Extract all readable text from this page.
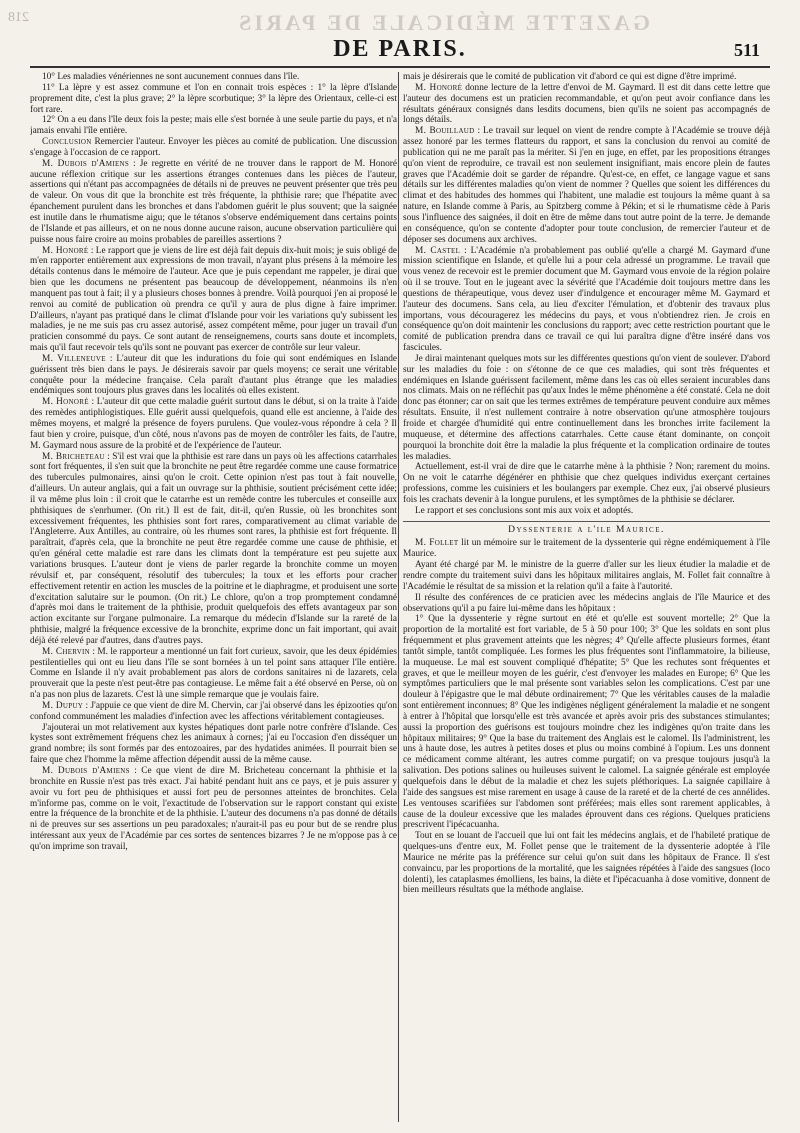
218	GAZETTE MÉDICALE DE PARIS
DE PARIS.	511

10° Les maladies vénériennes ne sont aucunement connues dans l'île.

11° La lèpre y est assez commune et l'on en connait trois espèces : 1° la lèpre d'Islande proprement dite, c'est la plus grave; 2° la lèpre scorbutique; 3° la lèpre des Orientaux, celle-ci est fort rare.

12° On a eu dans l'île deux fois la peste; mais elle s'est bornée à une seule partie du pays, et n'a jamais envahi l'île entière.

Conclusion Remercier l'auteur. Envoyer les pièces au comité de publication. Une discussion s'engage à l'occasion de ce rapport.

M. Dubois d'Amiens : Je regrette en vérité de ne trouver dans le rapport de M. Honoré aucune réflexion critique sur les assertions étranges contenues dans les pièces de l'auteur, assertions qui n'étant pas accompagnées de détails ni de preuves ne peuvent présenter que très peu de valeur. On vous dit que la bronchite est très fréquente, la phthisie rare; que l'hépatite avec épanchement purulent dans les bronches et dans l'abdomen guérit le plus souvent; que la saignée est inutile dans le rhumatisme aigu; que le tétanos s'observe endémiquement dans certains points de l'Islande et pas ailleurs, et on ne nous donne aucune raison, aucune observation particulière qui puisse nous faire croire au moins probables de pareilles assertions ?

M. Honoré : Le rapport que je viens de lire est déjà fait depuis dix-huit mois; je suis obligé de m'en rapporter entièrement aux expressions de mon travail, n'ayant plus présens à la mémoire les détails contenus dans le mémoire de l'auteur. Ace que je puis cependant me rappeler, je dirai que bien que les documens ne présentent pas beaucoup de développement, néanmoins ils n'en manquent pas tout à fait; il y a plusieurs choses bonnes à prendre. Voilà pourquoi j'en ai proposé le renvoi au comité de publication où prendra ce qu'il y aura de plus digne à faire imprimer. D'ailleurs, n'ayant pas pratiqué dans le climat d'Islande pour voir les variations qu'y subissent les maladies, je ne me suis pas cru assez autorisé, assez compétent même, pour juger un travail d'un praticien consommé du pays. Ce sont autant de renseignemens, courts sans doute et incomplets, mais qu'il faut recevoir tels qu'ils sont ne pouvant pas exercer de contrôle sur leur valeur.

M. Villeneuve : L'auteur dit que les indurations du foie qui sont endémiques en Islande guérissent très bien dans le pays. Je désirerais savoir par quels moyens; ce serait une véritable conquête pour la médecine française. Cela paraît d'autant plus étrange que les maladies endémiques sont toujours plus graves dans les localités où elles existent.

M. Honoré : L'auteur dit que cette maladie guérit surtout dans le début, si on la traite à l'aide des remèdes antiphlogistiques. Elle guérit aussi quelquefois, quand elle est ancienne, à l'aide des mêmes moyens, et malgré la présence de foyers purulens. Que voulez-vous répondre à cela ? Il faut bien y croire, puisque, d'un côté, nous n'avons pas de moyen de contrôler les faits, de l'autre, M. Gaymard nous assure de la probité et de l'expérience de l'auteur.

M. Bricheteau : S'il est vrai que la phthisie est rare dans un pays où les affections catarrhales sont fort fréquentes, il s'en suit que la bronchite ne peut être regardée comme une cause formatrice des tubercules pulmonaires, ainsi qu'on le croit. Cette opinion n'est pas tout à fait nouvelle, d'ailleurs. Un auteur anglais, qui a fait un ouvrage sur la phthisie, soutient précisément cette idée; il va même plus loin : il croit que le catarrhe est un remède contre les tubercules et conseille aux phthisiques de s'enrhumer. (On rit.) Il est de fait, dit-il, qu'en Russie, où les bronchites sont excessivement fréquentes, les phthisies sont fort rares, comparativement au climat variable de l'Angleterre. Aux Antilles, au contraire, où les rhumes sont rares, la phthisie est fort fréquente. Il paraîtrait, d'après cela, que la bronchite ne peut être regardée comme une cause de phthisie, et qu'en général cette maladie est rare dans les climats dont la température est peu sujette aux variations brusques. L'auteur dont je viens de parler regarde la bronchite comme un moyen révulsif et, par conséquent, résolutif des tubercules; la toux et les efforts pour cracher effectivement retentir en action les muscles de la poitrine et le diaphragme, et produisent une sorte d'excitation salutaire sur le poumon. (On rit.) Le chlore, qu'on a trop promptement condamné d'après moi dans le traitement de la phthisie, produit quelquefois des effets avantageux par son action excitante sur l'organe pulmonaire. La remarque du médecin d'Islande sur la rareté de la phthisie, malgré la fréquence excessive de la bronchite, exprime donc un fait important, qui avait déjà été relevé par d'autres, dans d'autres pays.

M. Chervin : M. le rapporteur a mentionné un fait fort curieux, savoir, que les deux épidémies pestilentielles qui ont eu lieu dans l'île se sont bornées à un tel point sans attaquer l'île entière. Comme en Islande il n'y avait probablement pas alors de cordons sanitaires ni de lazarets, cela prouverait que la peste n'est peut-être pas contagieuse. Le même fait a été observé en Perse, où on n'a pas non plus de lazarets. C'est là une simple remarque que je voulais faire.

M. Dupuy : J'appuie ce que vient de dire M. Chervin, car j'ai observé dans les épizooties qu'on confond communément les maladies d'infection avec les affections véritablement contagieuses.

J'ajouterai un mot relativement aux kystes hépatiques dont parle notre confrère d'Islande. Ces kystes sont extrêmement fréquens chez les animaux à cornes; j'ai eu l'occasion d'en disséquer un grand nombre; ils sont formés par des entozoaires, par des hydatides animées. Il pourrait bien se faire que chez l'homme la même affection dépendit aussi de la même cause.

M. Dubois d'Amiens : Ce que vient de dire M. Bricheteau concernant la phthisie et la bronchite en Russie n'est pas très exact. J'ai habité pendant huit ans ce pays, et je puis assurer y avoir vu fort peu de phthisiques et aussi fort peu de personnes atteintes de bronchites. Cela m'informe pas, comme on le voit, l'exactitude de l'observation sur le rapport constant qui existe entre la fréquence de la bronchite et de la phthisie. L'auteur des documens n'a pas donné de détails ni de preuves sur ses assertions un peu paradoxales; n'aurait-il pas eu pour but de se rendre plus intéressant aux yeux de l'Académie par ces sortes de sentences bizarres ? Je ne m'oppose pas à ce qu'on imprime son travail,

mais je désirerais que le comité de publication vit d'abord ce qui est digne d'être imprimé.

M. Honoré donne lecture de la lettre d'envoi de M. Gaymard. Il est dit dans cette lettre que l'auteur des documens est un praticien recommandable, et qu'on peut avoir confiance dans les résultats généraux consignés dans lesdits documens, bien qu'ils ne soient pas accompagnés de longs détails.

M. Bouillaud : Le travail sur lequel on vient de rendre compte à l'Académie se trouve déjà assez honoré par les termes flatteurs du rapport, et sans la conclusion du renvoi au comité de publication qui ne me paraît pas la mériter. Si j'en en juge, en effet, par les propositions étranges qu'on vient de reproduire, ce travail est non seulement insignifiant, mais encore plein de fautes graves que l'Académie doit se garder de répandre. Qu'est-ce, en effet, ce langage vague et sans détails sur les différentes maladies qu'on vient de nommer ? Quelles que soient les différences du climat et des habitudes des hommes qui l'habitent, une maladie est toujours la même quant à sa nature, en Islande comme à Paris, au Spitzberg comme à Pékin; et si le rhumatisme cède à Paris sous l'influence des saignées, il doit en être de même dans tout autre point de la terre. Je demande en conséquence, qu'on se contente d'adopter pour toute conclusion, de remercier l'auteur et de déposer ses documens aux archives.

M. Castel : L'Académie n'a probablement pas oublié qu'elle a chargé M. Gaymard d'une mission scientifique en Islande, et qu'elle lui a pour cela adressé un programme. Le travail que vous venez de recevoir est le premier document que M. Gaymard vous envoie de la région polaire où il se trouve. Tout en le jugeant avec la sévérité que l'Académie doit toujours mettre dans les questions de thérapeutique, vous devez user d'indulgence et encourager même M. Gaymard et l'auteur des documens. Sans cela, au lieu d'exciter l'émulation, et d'obtenir des travaux plus importans, vous découragerez les médecins du pays, et vous n'obtiendrez rien. Je crois en conséquence qu'on doit maintenir les conclusions du rapport; avec cette restriction pourtant que le comité de publication prendra dans ce travail ce qui lui paraîtra digne d'être inséré dans vos fascicules.

Je dirai maintenant quelques mots sur les différentes questions qu'on vient de soulever. D'abord sur les maladies du foie : on s'étonne de ce que ces maladies, qui sont très fréquentes et endémiques en Islande guérissent facilement, même dans les cas où elles seraient incurables dans nos climats. Mais on ne réfléchit pas qu'aux Indes le même phénomène a été constaté. Cela ne doit donc pas étonner; car on sait que les termes extrêmes de température peuvent conduire aux mêmes résultats. Ensuite, il n'est nullement contraire à notre observation qu'une atmosphère toujours froide et chargée d'humidité qui entre continuellement dans les bronches irrite facilement la muqueuse, et détermine des affections catarrhales. Cette cause étant dominante, on conçoit pourquoi la bronchite doit être la maladie la plus fréquente et la complication ordinaire de toutes les maladies.

Actuellement, est-il vrai de dire que le catarrhe mène à la phthisie ? Non; rarement du moins. On ne voit le catarrhe dégénérer en phthisie que chez quelques individus exerçant certaines professions, comme les cuisiniers et les boulangers par exemple. Chez eux, j'ai observé plusieurs fois les crachats devenir à la longue purulens, et les symptômes de la phthisie se déclarer.

Le rapport et ses conclusions sont mis aux voix et adoptés.

Dyssenterie a l'ile Maurice.

M. Follet lit un mémoire sur le traitement de la dyssenterie qui règne endémiquement à l'île Maurice.

Ayant été chargé par M. le ministre de la guerre d'aller sur les lieux étudier la maladie et de rendre compte du traitement suivi dans les hôpitaux militaires anglais, M. Follet fait connaître à l'Académie le résultat de sa mission et la relation qu'il a faite à l'autorité.

Il résulte des conférences de ce praticien avec les médecins anglais de l'île Maurice et des observations qu'il a pu faire lui-même dans les hôpitaux :

1° Que la dyssenterie y règne surtout en été et qu'elle est souvent mortelle; 2° Que la proportion de la mortalité est fort variable, de 5 à 50 pour 100; 3° Que les soldats en sont plus fréquemment et plus gravement atteints que les nègres; 4° Qu'elle affecte plusieurs formes, étant tantôt simple, tantôt compliquée. Les formes les plus fréquentes sont l'inflammatoire, la bilieuse, la muqueuse. Le mal est souvent compliqué d'hépatite; 5° Que les rechutes sont fréquentes et graves, et que le meilleur moyen de les guérir, c'est d'envoyer les malades en Europe; 6° Que les symptômes particuliers que le mal présente sont variables selon les complications. C'est par une douleur à l'épigastre que le mal débute ordinairement; 7° Que les véritables causes de la maladie sont entièrement inconnues; 8° Que les indigènes négligent généralement la maladie et ne songent à entrer à l'hôpital que lorsqu'elle est très avancée et après avoir pris des substances stimulantes; aussi la proportion des guérisons est toujours moindre chez les indigènes qu'on traite dans les hôpitaux militaires; 9° Que la base du traitement des Anglais est le calomel. Ils l'administrent, les uns à haute dose, les autres à petites doses et plus ou moins combiné à l'opium. Les uns donnent ce médicament comme altérant, les autres comme purgatif; on va presque toujours jusqu'à la salivation. Des potions salines ou huileuses suivent le calomel. La saignée générale est employée quelquefois dans le début de la maladie et chez les sujets pléthoriques. La saignée capillaire à l'aide des sangsues est mise rarement en usage à cause de la rareté et de la cherté de ces annélides. Les ventouses scarifiées sur l'abdomen sont préférées; mais elles sont rarement applicables, à cause de la douleur excessive que les malades éprouvent dans ces régions. Quelques praticiens prescrivent l'ipécacuanha.

Tout en se louant de l'accueil que lui ont fait les médecins anglais, et de l'habileté pratique de quelques-uns d'entre eux, M. Follet pense que le traitement de la dyssenterie adoptée à l'île Maurice ne mérite pas la préférence sur celui qu'on suit dans les hôpitaux de France. Il s'est convaincu, par les proportions de la mortalité, que les saignées répétées à l'aide des sangsues (loco dolenti), les cataplasmes émolliens, les bains, la diète et l'ipécacuanha à dose vomitive, donnent de bien meilleurs résultats que la méthode anglaise.
